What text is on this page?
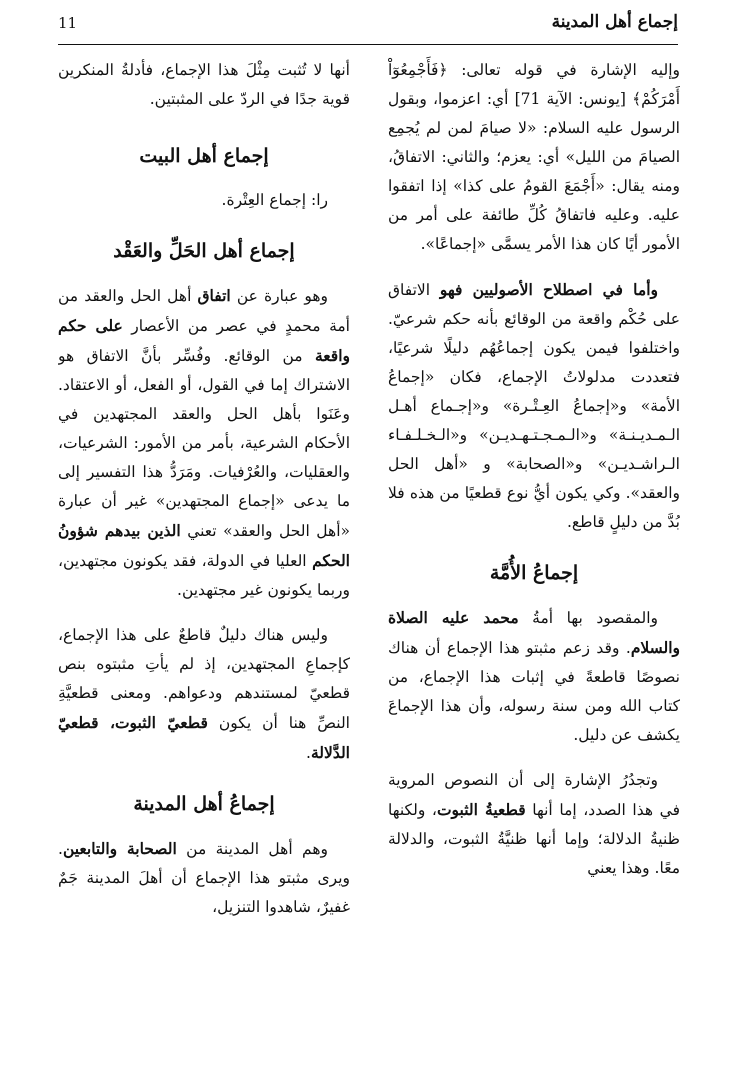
إجماع أهل المدينة
11

وإليه الإشارة في قوله تعالى: ﴿فَأَجْمِعُوٓاْ أَمْرَكُمْ﴾ [يونس: الآية 71] أي: اعزموا، وبقول الرسول عليه السلام: «لا صيامَ لمن لم يُجمِع الصيامَ من الليل» أي: يعزم؛ والثاني: الاتفاقُ، ومنه يقال: «أَجْمَعَ القومُ على كذا» إذا اتفقوا عليه. وعليه فاتفاقُ كُلِّ طائفة على أمر من الأمور أيًا كان هذا الأمر يسمَّى «إجماعًا».

وأما في اصطلاح الأصوليين فهو الاتفاق على حُكْم واقعة من الوقائع بأنه حكم شرعيّ. واختلفوا فيمن يكون إجماعُهُم دليلًا شرعيًا، فتعددت مدلولاتُ الإجماع، فكان «إجماعُ الأمة» و«إجماعُ العِـتْـرة» و«إجـماع أهـل الـمـديـنـة» و«الـمـجـتـهـديـن» و«الـخـلـفـاء الـراشـديـن» و«الصحابة» و «أهل الحل والعقد». وكي يكون أيُّ نوع قطعيًا من هذه فلا بُدَّ من دليلٍ قاطع.

إجماعُ الأُمَّة

والمقصود بها أمةُ محمد عليه الصلاة والسلام. وقد زعم مثبتو هذا الإجماع أن هناك نصوصًا قاطعةً في إثبات هذا الإجماع، من كتاب الله ومن سنة رسوله، وأن هذا الإجماعَ يكشف عن دليل.

وتجدُرُ الإشارة إلى أن النصوص المروية في هذا الصدد، إما أنها قطعيةُ الثبوت، ولكنها ظنيةُ الدلالة؛ وإما أنها ظنيَّةُ الثبوت، والدلالة معًا. وهذا يعني

أنها لا تُثبت مِثْلَ هذا الإجماع، فأدلةُ المنكرين قوية جدًا في الردّ على المثبتين.

إجماع أهل البيت

را: إجماع العِتْرة.

إجماع أهل الحَلِّ والعَقْد

وهو عبارة عن اتفاق أهل الحل والعقد من أمة محمدٍ في عصر من الأعصار على حكم واقعة من الوقائع. وفُسِّر بأنَّ الاتفاق هو الاشتراك إما في القول، أو الفعل، أو الاعتقاد. وعَنَوا بأهل الحل والعقد المجتهدين في الأحكام الشرعية، بأمر من الأمور: الشرعيات، والعقليات، والعُرْفيات. ومَرَدُّ هذا التفسير إلى ما يدعى «إجماع المجتهدين» غير أن عبارة «أهل الحل والعقد» تعني الذين بيدهم شؤونُ الحكم العليا في الدولة، فقد يكونون مجتهدين، وربما يكونون غير مجتهدين.

وليس هناك دليلٌ قاطعٌ على هذا الإجماع، كإجماعِ المجتهدين، إذ لم يأتِ مثبتوه بنص قطعيّ لمستندهم ودعواهم. ومعنى قطعيَّةِ النصِّ هنا أن يكون قطعيّ الثبوت، قطعيّ الدَّلالة.

إجماعُ أهل المدينة

وهم أهل المدينة من الصحابة والتابعين. ويرى مثبتو هذا الإجماع أن أهلَ المدينة جَمٌ غفيرٌ، شاهدوا التنزيل،
